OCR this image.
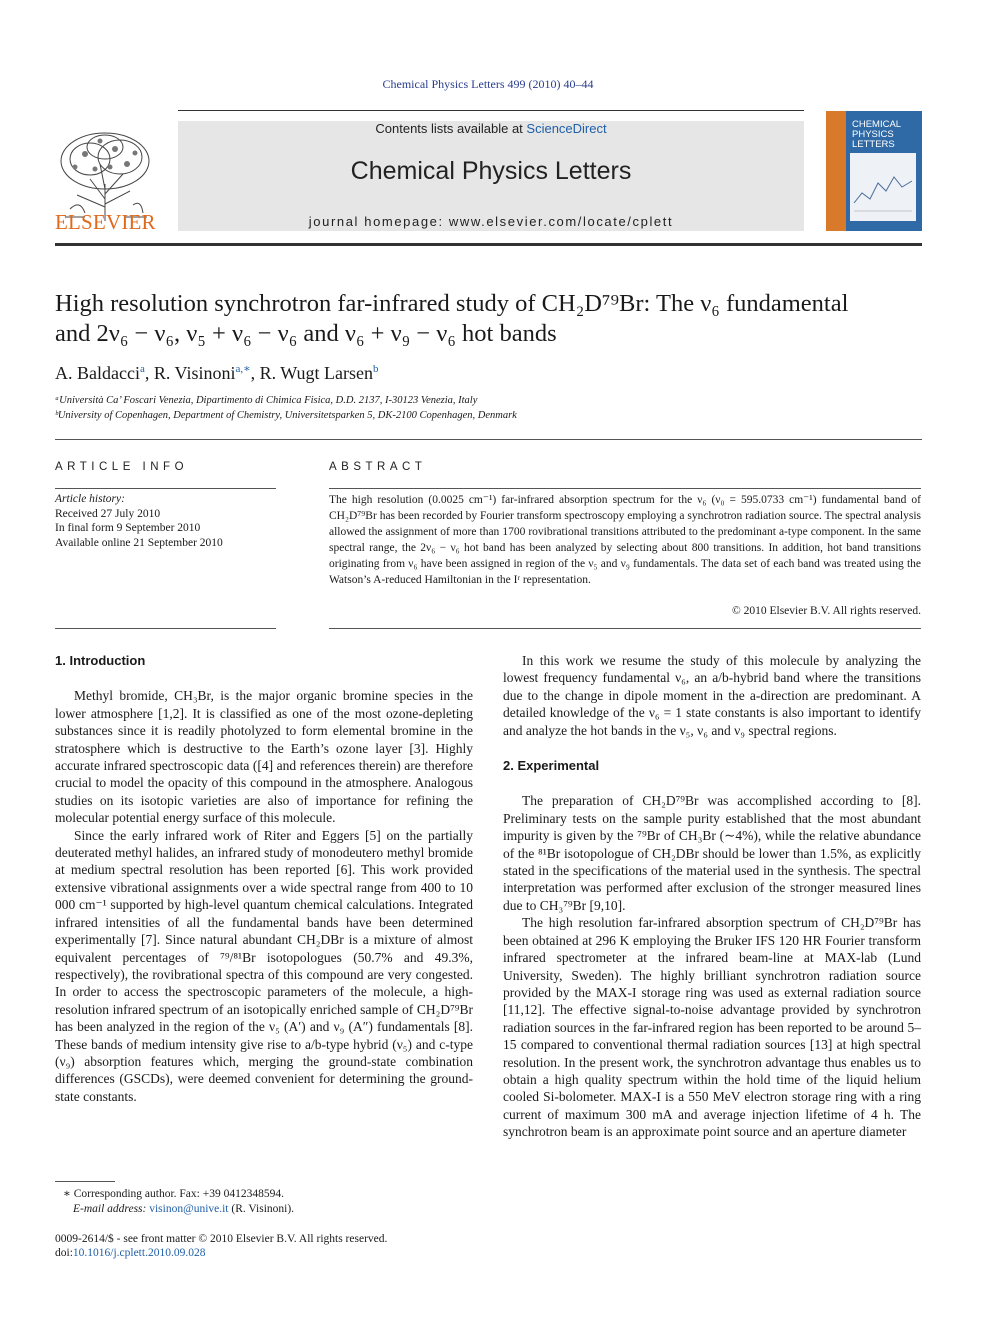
Chemical Physics Letters 499 (2010) 40–44
ELSEVIER
Contents lists available at ScienceDirect
Chemical Physics Letters
journal homepage: www.elsevier.com/locate/cplett
CHEMICAL
PHYSICS
LETTERS
High resolution synchrotron far-infrared study of CH₂D⁷⁹Br: The ν₆ fundamental
and 2ν₆ − ν₆, ν₅ + ν₆ − ν₆ and ν₆ + ν₉ − ν₆ hot bands
A. Baldacci$^a$, R. Visinoni$^{a,∗}$, R. Wugt Larsen$^b$
ᵃUniversità Ca’ Foscari Venezia, Dipartimento di Chimica Fisica, D.D. 2137, I-30123 Venezia, Italy
ᵇUniversity of Copenhagen, Department of Chemistry, Universitetsparken 5, DK-2100 Copenhagen, Denmark
ARTICLE INFO
Article history:
Received 27 July 2010
In final form 9 September 2010
Available online 21 September 2010
ABSTRACT
The high resolution (0.0025 cm⁻¹) far-infrared absorption spectrum for the ν₆ (ν₀ = 595.0733 cm⁻¹) fundamental band of CH₂D⁷⁹Br has been recorded by Fourier transform spectroscopy employing a synchrotron radiation source. The spectral analysis allowed the assignment of more than 1700 rovibrational transitions attributed to the predominant a-type component. In the same spectral range, the 2ν₆ − ν₆ hot band has been analyzed by selecting about 800 transitions. In addition, hot band transitions originating from ν₆ have been assigned in region of the ν₅ and ν₉ fundamentals. The data set of each band was treated using the Watson’s A-reduced Hamiltonian in the Iʳ representation.
© 2010 Elsevier B.V. All rights reserved.
1. Introduction

Methyl bromide, CH₃Br, is the major organic bromine species in the lower atmosphere [1,2]. It is classified as one of the most ozone-depleting substances since it is readily photolyzed to form elemental bromine in the stratosphere which is destructive to the Earth’s ozone layer [3]. Highly accurate infrared spectroscopic data ([4] and references therein) are therefore crucial to model the opacity of this compound in the atmosphere. Analogous studies on its isotopic varieties are also of importance for refining the molecular potential energy surface of this molecule.

Since the early infrared work of Riter and Eggers [5] on the partially deuterated methyl halides, an infrared study of monodeutero methyl bromide at medium spectral resolution has been reported [6]. This work provided extensive vibrational assignments over a wide spectral range from 400 to 10 000 cm⁻¹ supported by high-level quantum chemical calculations. Integrated infrared intensities of all the fundamental bands have been determined experimentally [7]. Since natural abundant CH₂DBr is a mixture of almost equivalent percentages of ⁷⁹/⁸¹Br isotopologues (50.7% and 49.3%, respectively), the rovibrational spectra of this compound are very congested. In order to access the spectroscopic parameters of the molecule, a high-resolution infrared spectrum of an isotopically enriched sample of CH₂D⁷⁹Br has been analyzed in the region of the ν₅ (A′) and ν₉ (A″) fundamentals [8]. These bands of medium intensity give rise to a/b-type hybrid (ν₅) and c-type (ν₉) absorption features which, merging the ground-state combination differences (GSCDs), were deemed convenient for determining the ground-state constants.

In this work we resume the study of this molecule by analyzing the lowest frequency fundamental ν₆, an a/b-hybrid band where the transitions due to the change in dipole moment in the a-direction are predominant. A detailed knowledge of the ν₆ = 1 state constants is also important to identify and analyze the hot bands in the ν₅, ν₆ and ν₉ spectral regions.

2. Experimental

The preparation of CH₂D⁷⁹Br was accomplished according to [8]. Preliminary tests on the sample purity established that the most abundant impurity is given by the ⁷⁹Br of CH₃Br (∼4%), while the relative abundance of the ⁸¹Br isotopologue of CH₂DBr should be lower than 1.5%, as explicitly stated in the specifications of the material used in the synthesis. The spectral interpretation was performed after exclusion of the stronger measured lines due to CH₃⁷⁹Br [9,10].

The high resolution far-infrared absorption spectrum of CH₂D⁷⁹Br has been obtained at 296 K employing the Bruker IFS 120 HR Fourier transform infrared spectrometer at the infrared beam-line at MAX-lab (Lund University, Sweden). The highly brilliant synchrotron radiation source provided by the MAX-I storage ring was used as external radiation source [11,12]. The effective signal-to-noise advantage provided by synchrotron radiation sources in the far-infrared region has been reported to be around 5–15 compared to conventional thermal radiation sources [13] at high spectral resolution. In the present work, the synchrotron advantage thus enables us to obtain a high quality spectrum within the hold time of the liquid helium cooled Si-bolometer. MAX-I is a 550 MeV electron storage ring with a ring current of maximum 300 mA and average injection lifetime of 4 h. The synchrotron beam is an approximate point source and an aperture diameter

∗ Corresponding author. Fax: +39 0412348594.
E-mail address: visinon@unive.it (R. Visinoni).
0009-2614/$ - see front matter © 2010 Elsevier B.V. All rights reserved.
doi:10.1016/j.cplett.2010.09.028
